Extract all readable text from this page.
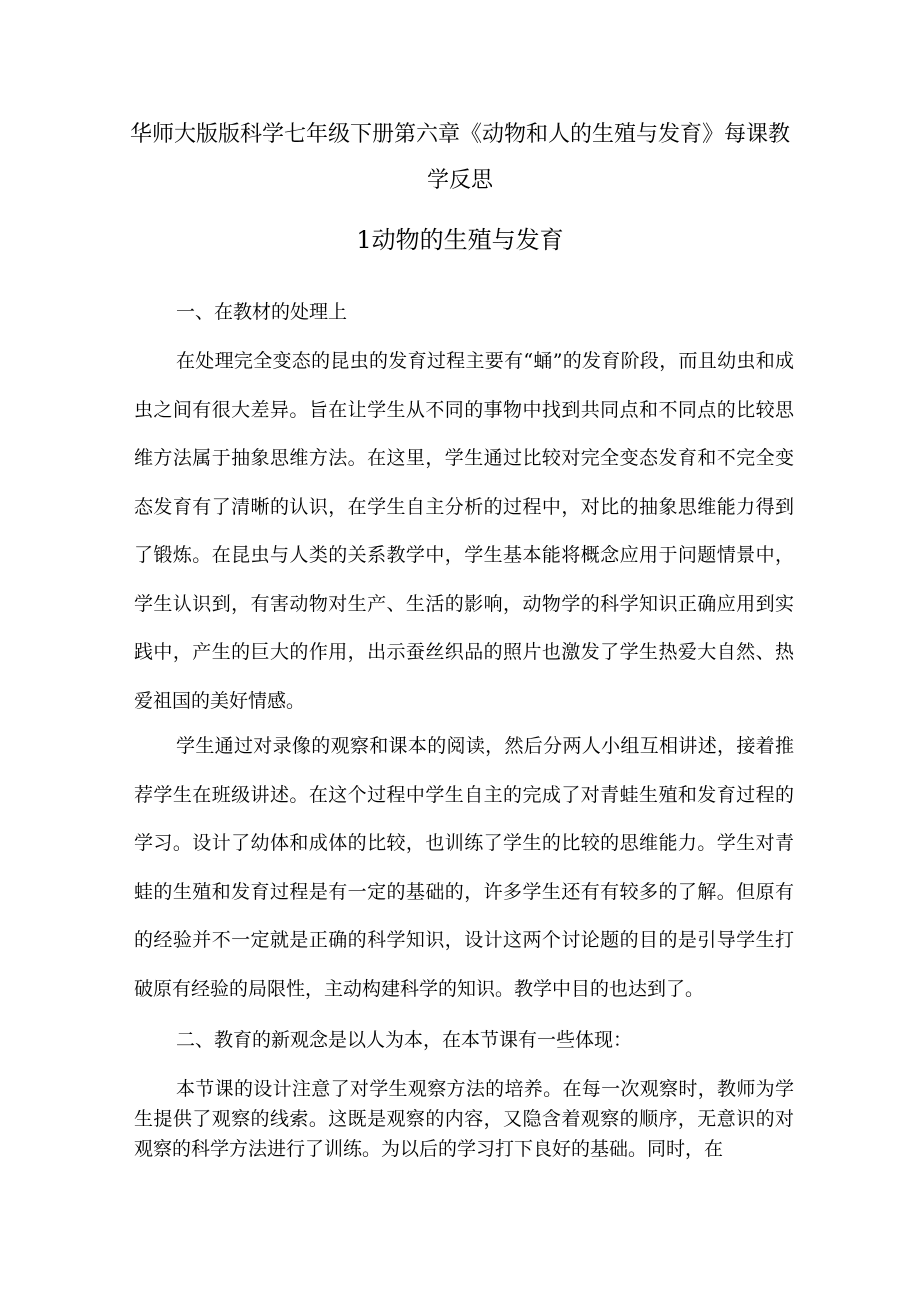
华师大版版科学七年级下册第六章《动物和人的生殖与发育》每课教学反思
1动物的生殖与发育

一、在教材的处理上

在处理完全变态的昆虫的发育过程主要有“蛹”的发育阶段，而且幼虫和成虫之间有很大差异。旨在让学生从不同的事物中找到共同点和不同点的比较思维方法属于抽象思维方法。在这里，学生通过比较对完全变态发育和不完全变态发育有了清晰的认识，在学生自主分析的过程中，对比的抽象思维能力得到了锻炼。在昆虫与人类的关系教学中，学生基本能将概念应用于问题情景中，学生认识到，有害动物对生产、生活的影响，动物学的科学知识正确应用到实践中，产生的巨大的作用，出示蚕丝织品的照片也激发了学生热爱大自然、热爱祖国的美好情感。

学生通过对录像的观察和课本的阅读，然后分两人小组互相讲述，接着推荐学生在班级讲述。在这个过程中学生自主的完成了对青蛙生殖和发育过程的学习。设计了幼体和成体的比较，也训练了学生的比较的思维能力。学生对青蛙的生殖和发育过程是有一定的基础的，许多学生还有有较多的了解。但原有的经验并不一定就是正确的科学知识，设计这两个讨论题的目的是引导学生打破原有经验的局限性，主动构建科学的知识。教学中目的也达到了。

二、教育的新观念是以人为本，在本节课有一些体现：

本节课的设计注意了对学生观察方法的培养。在每一次观察时，教师为学生提供了观察的线索。这既是观察的内容，又隐含着观察的顺序，无意识的对观察的科学方法进行了训练。为以后的学习打下良好的基础。同时，在
